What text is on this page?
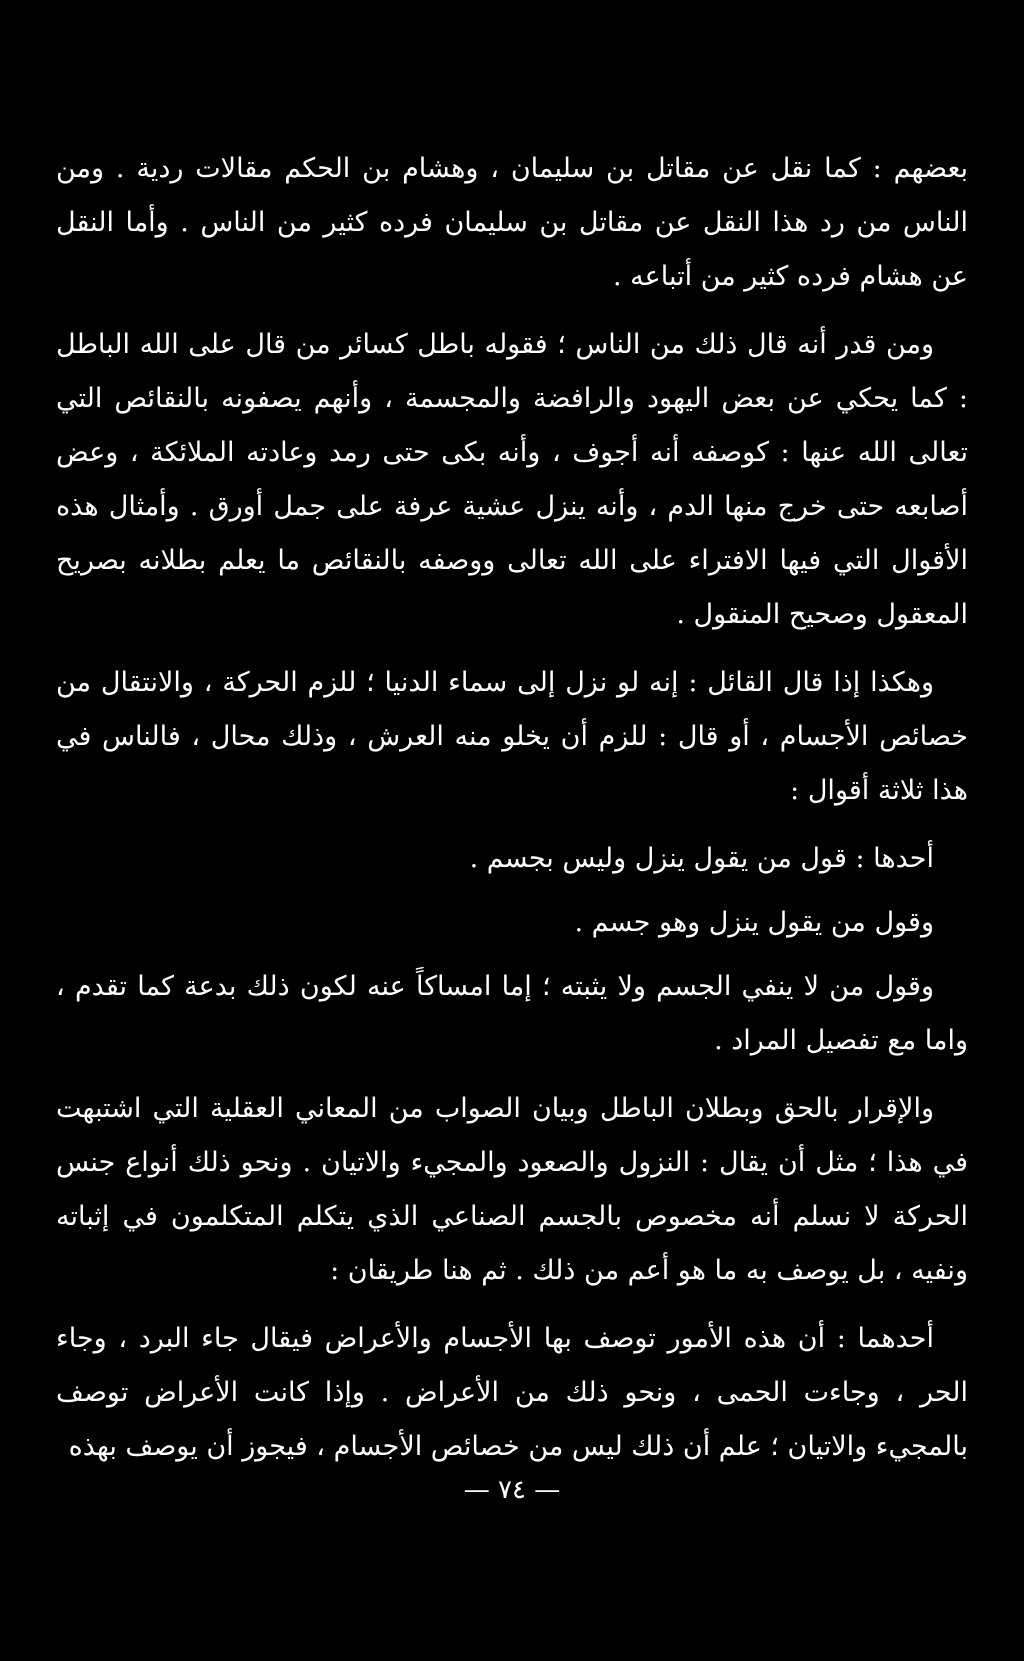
بعضهم : كما نقل عن مقاتل بن سليمان ، وهشام بن الحكم مقالات ردية . ومن الناس من رد هذا النقل عن مقاتل بن سليمان فرده كثير من الناس . وأما النقل عن هشام فرده كثير من أتباعه .

ومن قدر أنه قال ذلك من الناس ؛ فقوله باطل كسائر من قال على الله الباطل : كما يحكي عن بعض اليهود والرافضة والمجسمة ، وأنهم يصفونه بالنقائص التي تعالى الله عنها : كوصفه أنه أجوف ، وأنه بكى حتى رمد وعادته الملائكة ، وعض أصابعه حتى خرج منها الدم ، وأنه ينزل عشية عرفة على جمل أورق . وأمثال هذه الأقوال التي فيها الافتراء على الله تعالى ووصفه بالنقائص ما يعلم بطلانه بصريح المعقول وصحيح المنقول .

وهكذا إذا قال القائل : إنه لو نزل إلى سماء الدنيا ؛ للزم الحركة ، والانتقال من خصائص الأجسام ، أو قال : للزم أن يخلو منه العرش ، وذلك محال ، فالناس في هذا ثلاثة أقوال :

أحدها : قول من يقول ينزل وليس بجسم .

وقول من يقول ينزل وهو جسم .

وقول من لا ينفي الجسم ولا يثبته ؛ إما امساكاً عنه لكون ذلك بدعة كما تقدم ، واما مع تفصيل المراد .

والإقرار بالحق وبطلان الباطل وبيان الصواب من المعاني العقلية التي اشتبهت في هذا ؛ مثل أن يقال : النزول والصعود والمجيء والاتيان . ونحو ذلك أنواع جنس الحركة لا نسلم أنه مخصوص بالجسم الصناعي الذي يتكلم المتكلمون في إثباته ونفيه ، بل يوصف به ما هو أعم من ذلك . ثم هنا طريقان :

أحدهما : أن هذه الأمور توصف بها الأجسام والأعراض فيقال جاء البرد ، وجاء الحر ، وجاءت الحمى ، ونحو ذلك من الأعراض . وإذا كانت الأعراض توصف بالمجيء والاتيان ؛ علم أن ذلك ليس من خصائص الأجسام ، فيجوز أن يوصف بهذه

— ٧٤ —
